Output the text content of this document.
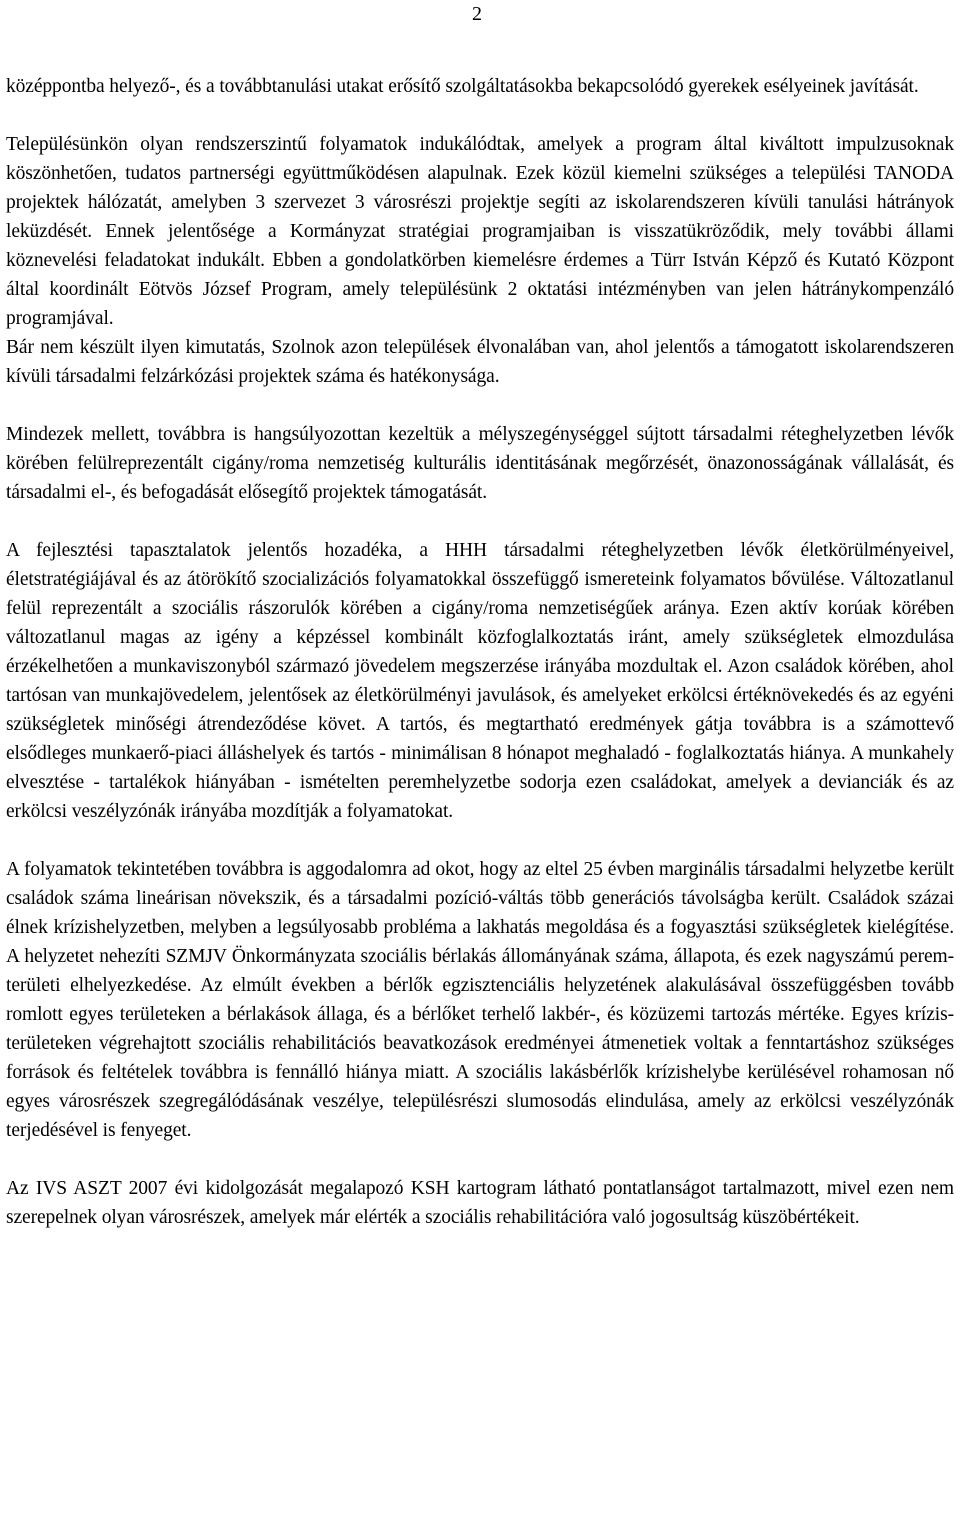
2

középpontba helyező-, és a továbbtanulási utakat erősítő szolgáltatásokba bekapcsolódó gyerekek esélyeinek javítását.

Településünkön olyan rendszerszintű folyamatok indukálódtak, amelyek a program által kiváltott impulzusoknak köszönhetően, tudatos partnerségi együttműködésen alapulnak. Ezek közül kiemelni szükséges a települési TANODA projektek hálózatát, amelyben 3 szervezet 3 városrészi projektje segíti az iskolarendszeren kívüli tanulási hátrányok leküzdését. Ennek jelentősége a Kormányzat stratégiai programjaiban is visszatükröződik, mely további állami köznevelési feladatokat indukált. Ebben a gondolatkörben kiemelésre érdemes a Türr István Képző és Kutató Központ által koordinált Eötvös József Program, amely településünk 2 oktatási intézményben van jelen hátránykompenzáló programjával.

Bár nem készült ilyen kimutatás, Szolnok azon települések élvonalában van, ahol jelentős a támogatott iskolarendszeren kívüli társadalmi felzárkózási projektek száma és hatékonysága.

Mindezek mellett, továbbra is hangsúlyozottan kezeltük a mélyszegénységgel sújtott társadalmi réteghelyzetben lévők körében felülreprezentált cigány/roma nemzetiség kulturális identitásának megőrzését, önazonosságának vállalását, és társadalmi el-, és befogadását elősegítő projektek támogatását.

A fejlesztési tapasztalatok jelentős hozadéka, a HHH társadalmi réteghelyzetben lévők életkörülményeivel, életstratégiájával és az átörökítő szocializációs folyamatokkal összefüggő ismereteink folyamatos bővülése. Változatlanul felül reprezentált a szociális rászorulók körében a cigány/roma nemzetiségűek aránya. Ezen aktív korúak körében változatlanul magas az igény a képzéssel kombinált közfoglalkoztatás iránt, amely szükségletek elmozdulása érzékelhetően a munkaviszonyból származó jövedelem megszerzése irányába mozdultak el. Azon családok körében, ahol tartósan van munkajövedelem, jelentősek az életkörülményi javulások, és amelyeket erkölcsi értéknövekedés és az egyéni szükségletek minőségi átrendeződése követ. A tartós, és megtartható eredmények gátja továbbra is a számottevő elsődleges munkaerő-piaci álláshelyek és tartós - minimálisan 8 hónapot meghaladó - foglalkoztatás hiánya. A munkahely elvesztése - tartalékok hiányában - ismételten peremhelyzetbe sodorja ezen családokat, amelyek a devianciák és az erkölcsi veszélyzónák irányába mozdítják a folyamatokat.

A folyamatok tekintetében továbbra is aggodalomra ad okot, hogy az eltel 25 évben marginális társadalmi helyzetbe került családok száma lineárisan növekszik, és a társadalmi pozíció-váltás több generációs távolságba került. Családok százai élnek krízishelyzetben, melyben a legsúlyosabb probléma a lakhatás megoldása és a fogyasztási szükségletek kielégítése. A helyzetet nehezíti SZMJV Önkormányzata szociális bérlakás állományának száma, állapota, és ezek nagyszámú perem-területi elhelyezkedése. Az elmúlt években a bérlők egzisztenciális helyzetének alakulásával összefüggésben tovább romlott egyes területeken a bérlakások állaga, és a bérlőket terhelő lakbér-, és közüzemi tartozás mértéke. Egyes krízis-területeken végrehajtott szociális rehabilitációs beavatkozások eredményei átmenetiek voltak a fenntartáshoz szükséges források és feltételek továbbra is fennálló hiánya miatt. A szociális lakásbérlők krízishelybe kerülésével rohamosan nő egyes városrészek szegregálódásának veszélye, településrészi slumosodás elindulása, amely az erkölcsi veszélyzónák terjedésével is fenyeget.

Az IVS ASZT 2007 évi kidolgozását megalapozó KSH kartogram látható pontatlanságot tartalmazott, mivel ezen nem szerepelnek olyan városrészek, amelyek már elérték a szociális rehabilitációra való jogosultság küszöbértékeit.
